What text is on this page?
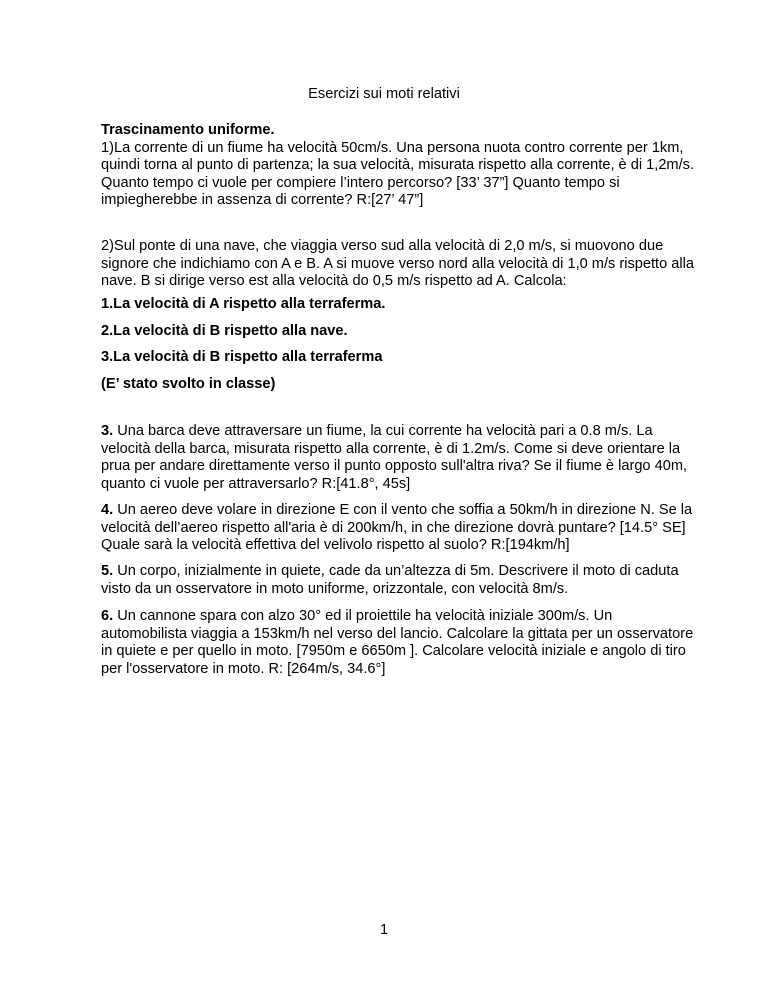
Esercizi sui moti relativi
Trascinamento uniforme.
1)La corrente di un fiume ha velocità 50cm/s. Una persona nuota contro corrente per 1km, quindi torna al punto di partenza; la sua velocità, misurata rispetto alla corrente, è di 1,2m/s. Quanto tempo ci vuole per compiere l’intero percorso? [33’ 37”] Quanto tempo si impiegherebbe in assenza di corrente? R:[27’ 47”]
2)Sul ponte di una nave, che viaggia verso sud alla velocità di 2,0 m/s, si muovono due signore che indichiamo con A e B. A si muove verso nord alla velocità di 1,0 m/s rispetto alla nave. B si dirige verso est alla velocità do 0,5 m/s rispetto ad A. Calcola:
1.La velocità di A rispetto alla terraferma.
2.La velocità di B rispetto alla nave.
3.La velocità di B rispetto alla terraferma
(E’ stato svolto in classe)
3. Una barca deve attraversare un fiume, la cui corrente ha velocità pari a 0.8 m/s. La velocità della barca, misurata rispetto alla corrente, è di 1.2m/s. Come si deve orientare la prua per andare direttamente verso il punto opposto sull'altra riva? Se il fiume è largo 40m, quanto ci vuole per attraversarlo? R:[41.8°, 45s]
4. Un aereo deve volare in direzione E con il vento che soffia a 50km/h in direzione N. Se la velocità dell’aereo rispetto all'aria è di 200km/h, in che direzione dovrà puntare? [14.5° SE] Quale sarà la velocità effettiva del velivolo rispetto al suolo? R:[194km/h]
5. Un corpo, inizialmente in quiete, cade da un’altezza di 5m. Descrivere il moto di caduta visto da un osservatore in moto uniforme, orizzontale, con velocità 8m/s.
6. Un cannone spara con alzo 30° ed il proiettile ha velocità iniziale 300m/s. Un automobilista viaggia a 153km/h nel verso del lancio. Calcolare la gittata per un osservatore in quiete e per quello in moto. [7950m e 6650m ]. Calcolare velocità iniziale e angolo di tiro per l'osservatore in moto. R: [264m/s, 34.6°]
1
